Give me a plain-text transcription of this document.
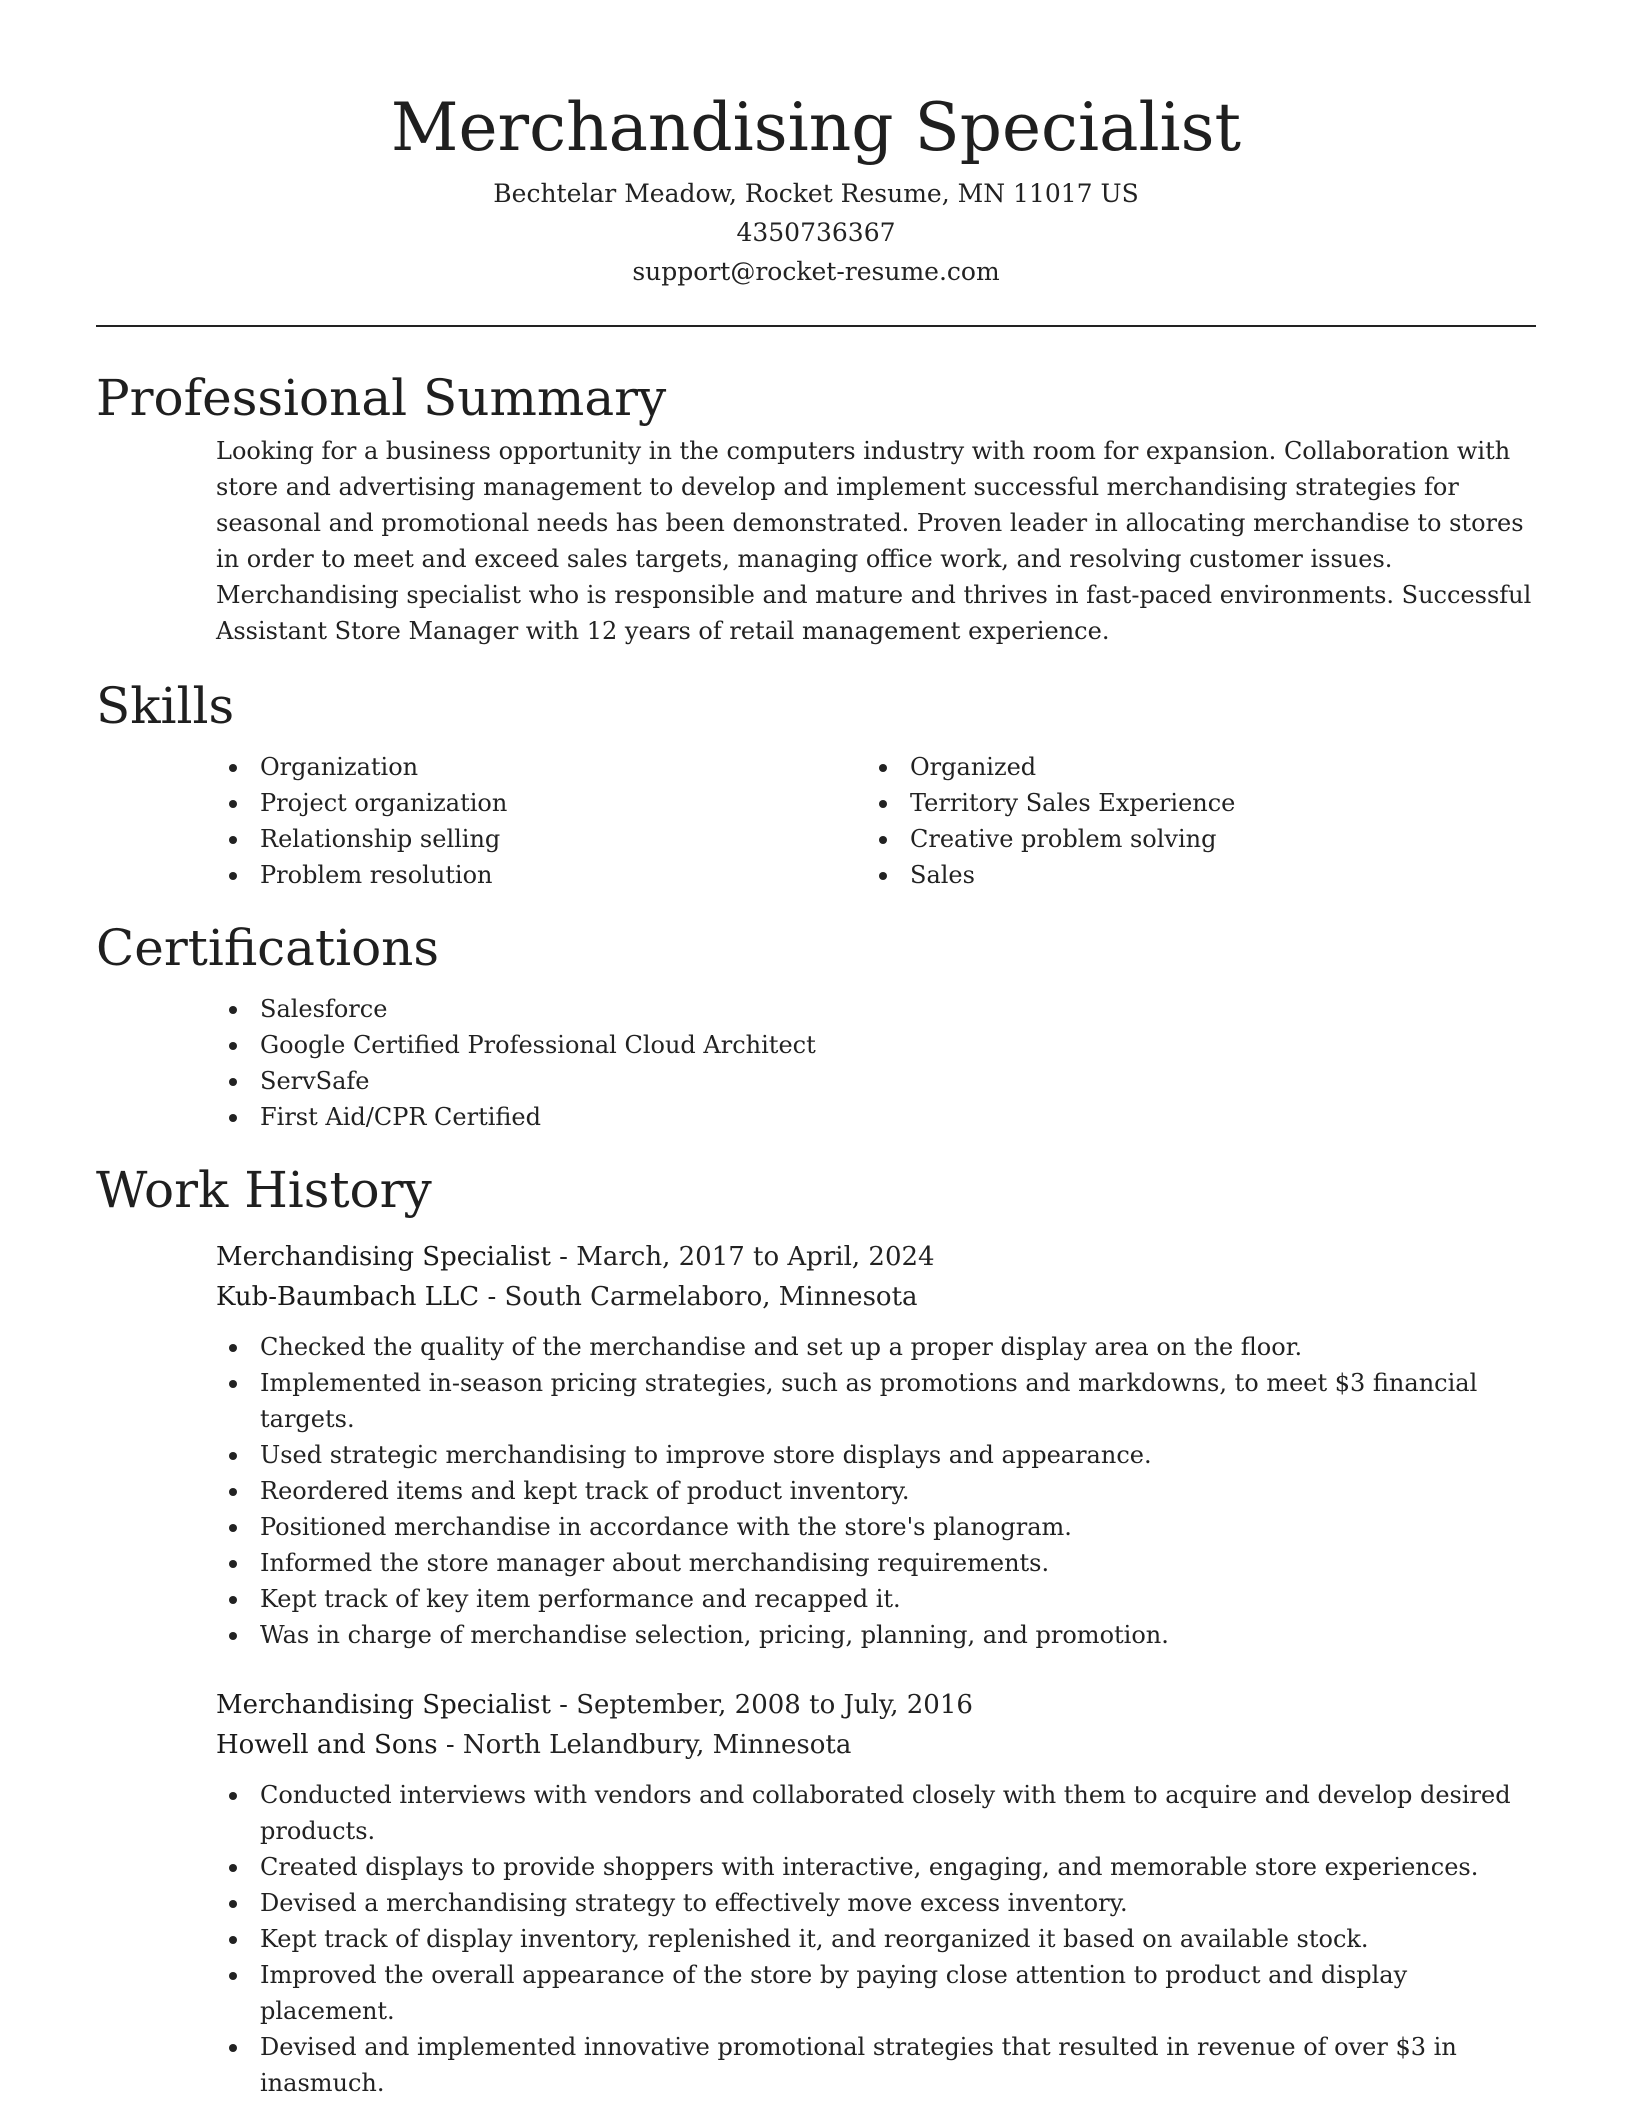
Merchandising Specialist

Bechtelar Meadow, Rocket Resume, MN 11017 US

4350736367

support@rocket-resume.com

Professional Summary

Looking for a business opportunity in the computers industry with room for expansion. Collaboration with store and advertising management to develop and implement successful merchandising strategies for seasonal and promotional needs has been demonstrated. Proven leader in allocating merchandise to stores in order to meet and exceed sales targets, managing office work, and resolving customer issues. Merchandising specialist who is responsible and mature and thrives in fast-paced environments. Successful Assistant Store Manager with 12 years of retail management experience.

Skills
Organization
Project organization
Relationship selling
Problem resolution
Organized
Territory Sales Experience
Creative problem solving
Sales
Certifications
Salesforce
Google Certified Professional Cloud Architect
ServSafe
First Aid/CPR Certified
Work History

Merchandising Specialist - March, 2017 to April, 2024

Kub-Baumbach LLC - South Carmelaboro, Minnesota

Checked the quality of the merchandise and set up a proper display area on the floor.
Implemented in-season pricing strategies, such as promotions and markdowns, to meet $3 financial targets.
Used strategic merchandising to improve store displays and appearance.
Reordered items and kept track of product inventory.
Positioned merchandise in accordance with the store's planogram.
Informed the store manager about merchandising requirements.
Kept track of key item performance and recapped it.
Was in charge of merchandise selection, pricing, planning, and promotion.

Merchandising Specialist - September, 2008 to July, 2016

Howell and Sons - North Lelandbury, Minnesota

Conducted interviews with vendors and collaborated closely with them to acquire and develop desired products.
Created displays to provide shoppers with interactive, engaging, and memorable store experiences.
Devised a merchandising strategy to effectively move excess inventory.
Kept track of display inventory, replenished it, and reorganized it based on available stock.
Improved the overall appearance of the store by paying close attention to product and display placement.
Devised and implemented innovative promotional strategies that resulted in revenue of over $3 in inasmuch.
